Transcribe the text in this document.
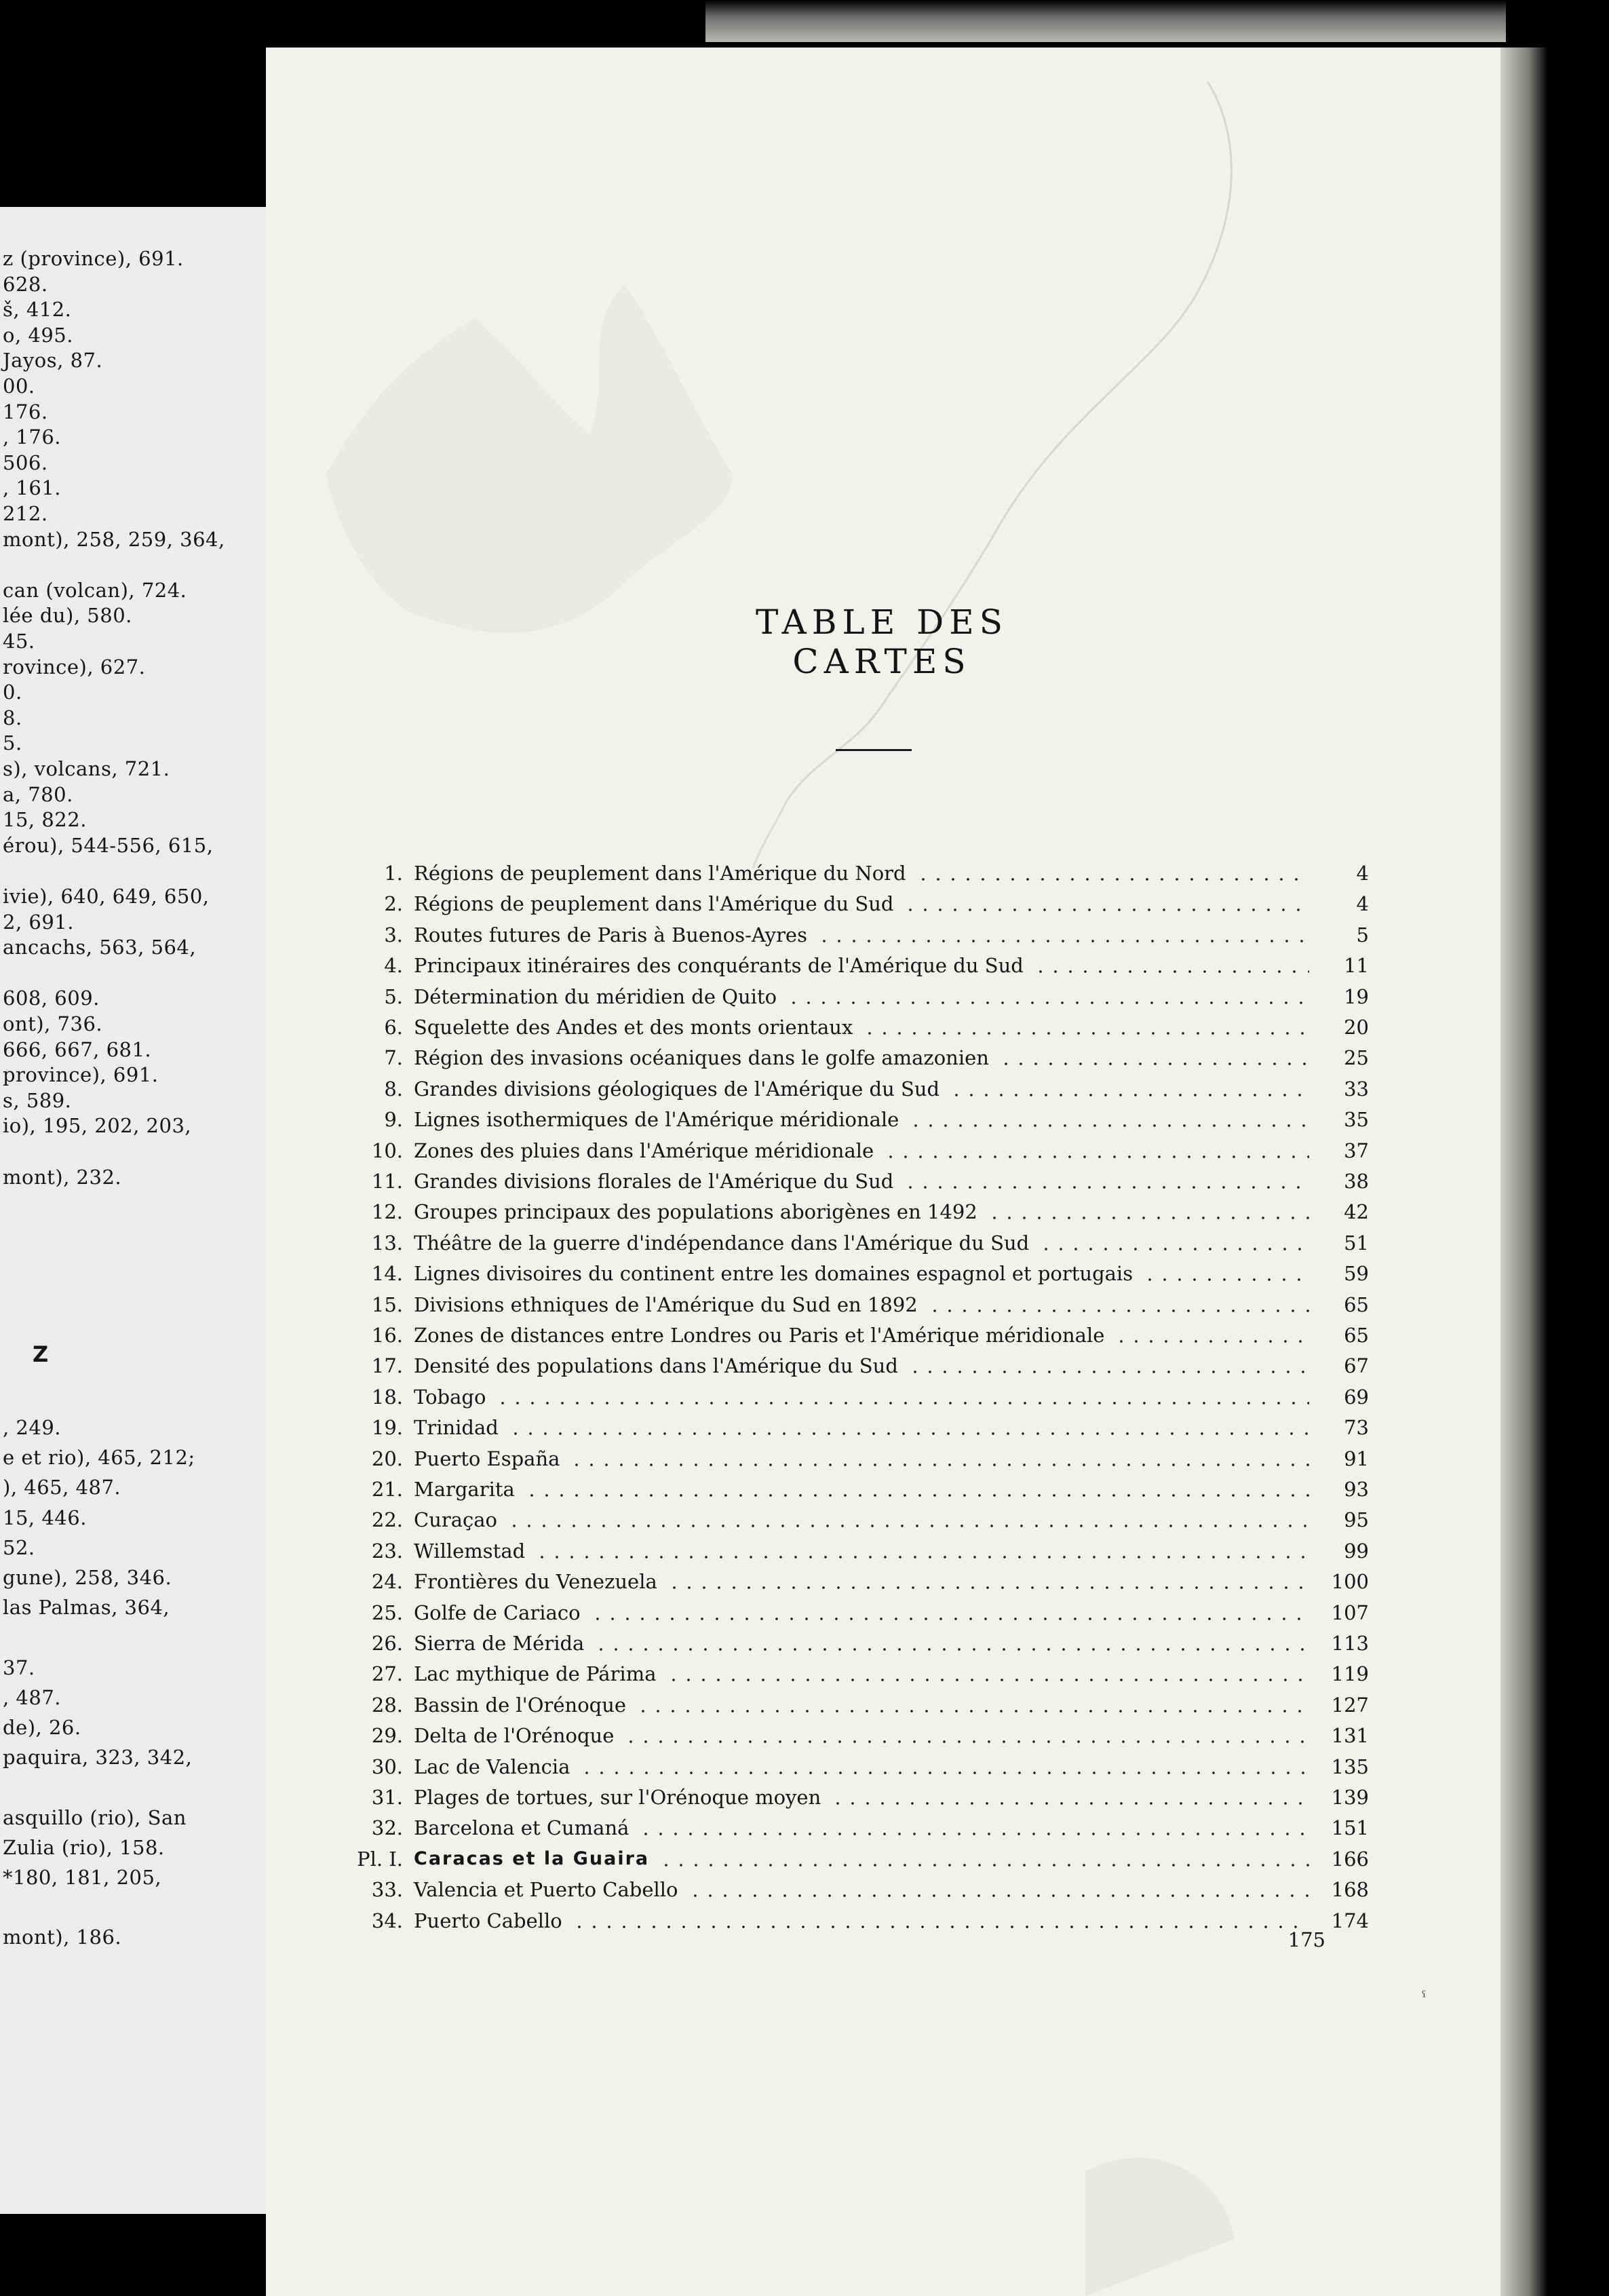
z (province), 691.
628.
š, 412.
o, 495.
Jayos, 87.
00.
176.
, 176.
506.
, 161.
212.
mont), 258, 259, 364,
can (volcan), 724.
lée du), 580.
45.
rovince), 627.
0.
8.
5.
s), volcans, 721.
a, 780.
15, 822.
érou), 544-556, 615,
ivie), 640, 649, 650,
2, 691.
ancachs, 563, 564,
608, 609.
ont), 736.
666, 667, 681.
province), 691.
s, 589.
io), 195, 202, 203,
mont), 232.
Z
, 249.
e et rio), 465, 212;
), 465, 487.
15, 446.
52.
gune), 258, 346.
las Palmas, 364,
37.
, 487.
de), 26.
paquira, 323, 342,
asquillo (rio), San
Zulia (rio), 158.
*180, 181, 205,
mont), 186.
TABLE DES CARTES
1. Régions de peuplement dans l'Amérique du Nord	4
2. Régions de peuplement dans l'Amérique du Sud	4
3. Routes futures de Paris à Buenos-Ayres	5
4. Principaux itinéraires des conquérants de l'Amérique du Sud	11
5. Détermination du méridien de Quito	19
6. Squelette des Andes et des monts orientaux	20
7. Région des invasions océaniques dans le golfe amazonien	25
8. Grandes divisions géologiques de l'Amérique du Sud	33
9. Lignes isothermiques de l'Amérique méridionale	35
10. Zones des pluies dans l'Amérique méridionale	37
11. Grandes divisions florales de l'Amérique du Sud	38
12. Groupes principaux des populations aborigènes en 1492	42
13. Théâtre de la guerre d'indépendance dans l'Amérique du Sud	51
14. Lignes divisoires du continent entre les domaines espagnol et portugais	59
15. Divisions ethniques de l'Amérique du Sud en 1892	65
16. Zones de distances entre Londres ou Paris et l'Amérique méridionale	65
17. Densité des populations dans l'Amérique du Sud	67
18. Tobago	69
19. Trinidad	73
20. Puerto España	91
21. Margarita	93
22. Curaçao	95
23. Willemstad	99
24. Frontières du Venezuela	100
25. Golfe de Cariaco	107
26. Sierra de Mérida	113
27. Lac mythique de Párima	119
28. Bassin de l'Orénoque	127
29. Delta de l'Orénoque	131
30. Lac de Valencia	135
31. Plages de tortues, sur l'Orénoque moyen	139
32. Barcelona et Cumaná	151
Pl. I. Caracas et la Guaira	166
33. Valencia et Puerto Cabello	168
34. Puerto Cabello	174
175
ˁ
